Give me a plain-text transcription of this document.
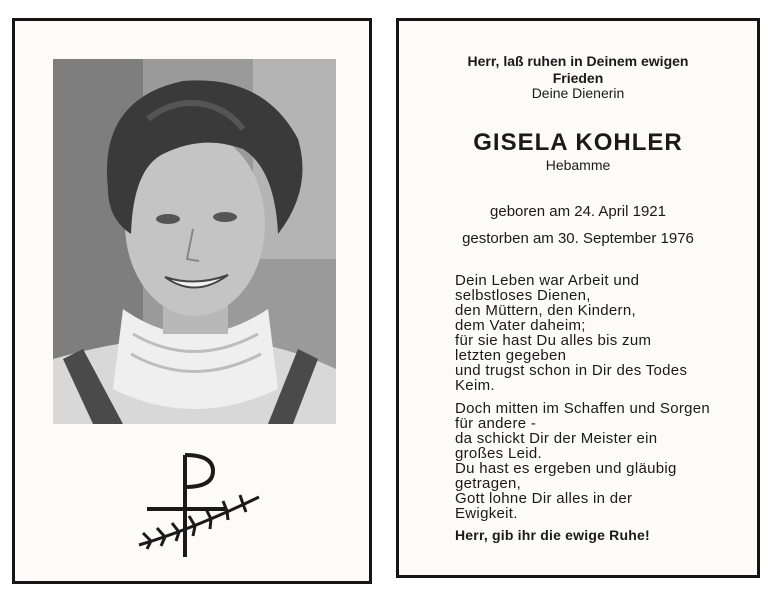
Herr, laß ruhen in Deinem ewigen
Frieden
Deine Dienerin
GISELA KOHLER
Hebamme
geboren am 24. April 1921
gestorben am 30. September 1976
Dein Leben war Arbeit und
selbstloses Dienen,
den Müttern, den Kindern,
dem Vater daheim;
für sie hast Du alles bis zum
letzten gegeben
und trugst schon in Dir des Todes
Keim.
Doch mitten im Schaffen und Sorgen
für andere -
da schickt Dir der Meister ein
großes Leid.
Du hast es ergeben und gläubig
getragen,
Gott lohne Dir alles in der
Ewigkeit.
Herr, gib ihr die ewige Ruhe!
